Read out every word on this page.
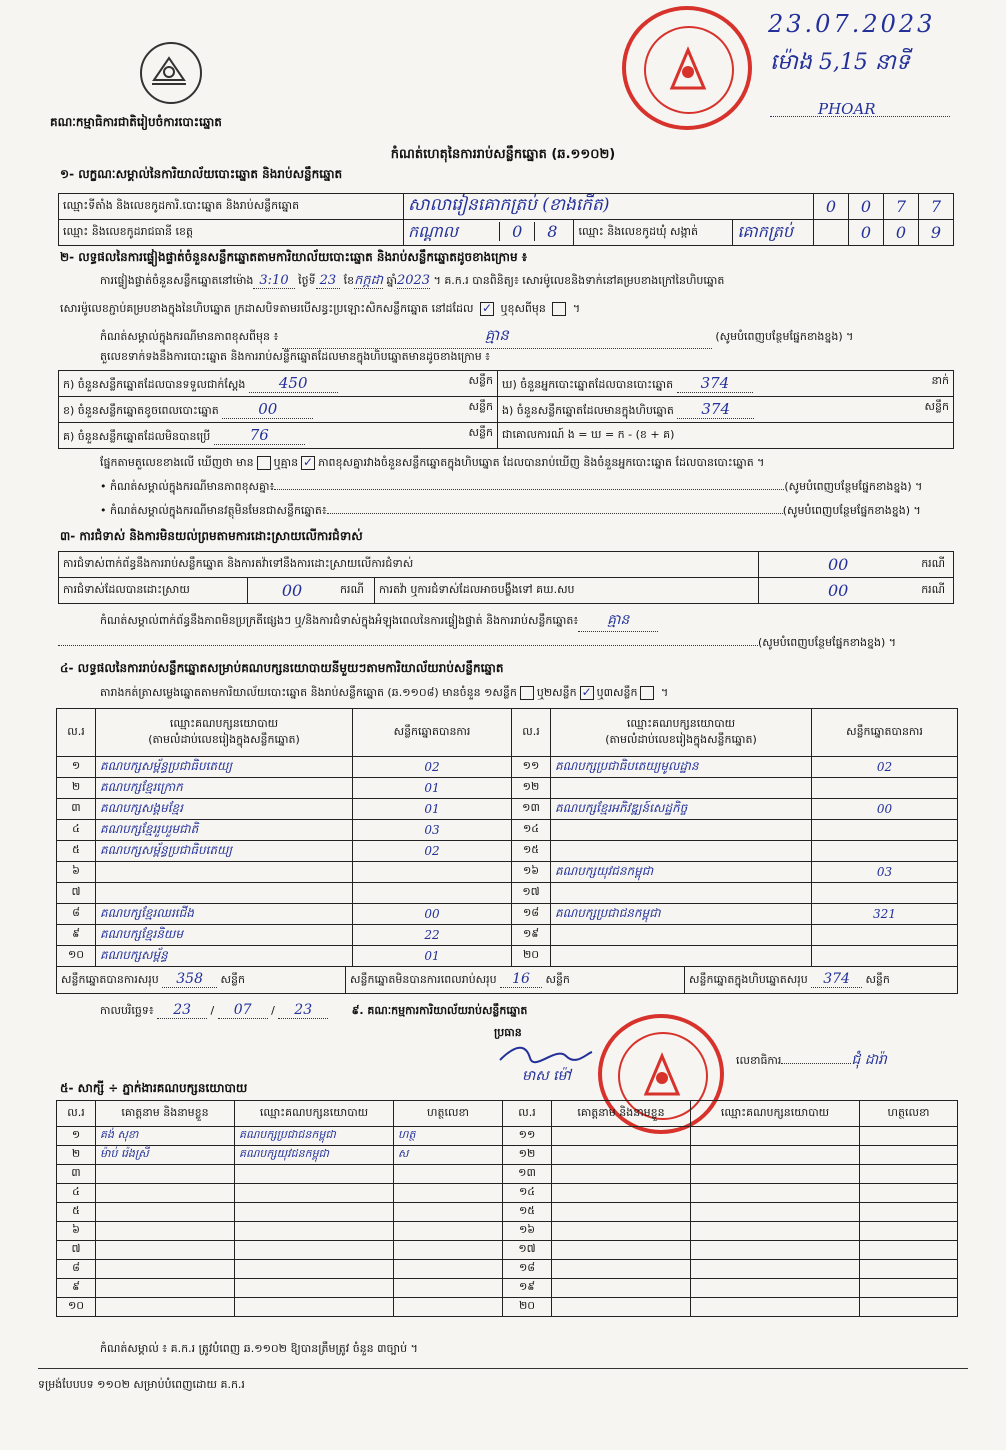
គណៈកម្មាធិការជាតិរៀបចំការបោះឆ្នោត
23.07.2023
ម៉ោង 5,15 នាទី
PHOAR
កំណត់ហេតុនៃការរាប់សន្លឹកឆ្នោត (ឆ.១១០២)
១- លក្ខណៈសម្គាល់នៃការិយាល័យបោះឆ្នោត និងរាប់សន្លឹកឆ្នោត
ឈ្មោះទីតាំង និងលេខកូដការិ.បោះឆ្នោត និងរាប់សន្លឹកឆ្នោត	សាលារៀនគោកត្រប់ (ខាងកើត)			0	0	7	7
ឈ្មោះ និងលេខកូដរាជធានី ខេត្ត	កណ្តាល 0 8	ឈ្មោះ និងលេខកូដឃុំ សង្កាត់	គោកត្រប់		0	0	9
២- លទ្ធផលនៃការផ្ទៀងផ្ទាត់ចំនួនសន្លឹកឆ្នោតតាមការិយាល័យបោះឆ្នោត និងរាប់សន្លឹកឆ្នោតដូចខាងក្រោម ៖
ការផ្ទៀងផ្ទាត់ចំនួនសន្លឹកឆ្នោតនៅម៉ោង 3:10 ថ្ងៃទី 23 ខែកក្កដា ឆ្នាំ2023 ។ គ.ក.រ បានពិនិត្យ៖ សោរម៉ូលេខនិងទាក់នៅគម្របខាងក្រៅនៃហិបឆ្នោត
សោរម៉ូលេខភ្ជាប់គម្របខាងក្នុងនៃហិបឆ្នោត ក្រដាសបិទតាមរបើសន្ធះប្រឡោះសិកសន្លឹកឆ្នោត នៅដដែល ✓ ឬខុសពីមុន  ។
កំណត់សម្គាល់ក្នុងករណីមានភាពខុសពីមុន ៖	គ្មាន	(សូមបំពេញបន្ថែមផ្នែកខាងខ្នង) ។
តួលេខទាក់ទងនឹងការបោះឆ្នោត និងការរាប់សន្លឹកឆ្នោតដែលមានក្នុងហិបឆ្នោតមានដូចខាងក្រោម ៖
ក) ចំនួនសន្លឹកឆ្នោតដែលបានទទួលជាក់ស្ដែង 450 សន្លឹក	ឃ) ចំនួនអ្នកបោះឆ្នោតដែលបានបោះឆ្នោត 374 នាក់

ខ) ចំនួនសន្លឹកឆ្នោតខូចពេលបោះឆ្នោត 00 សន្លឹក	ង) ចំនួនសន្លឹកឆ្នោតដែលមានក្នុងហិបឆ្នោត 374 សន្លឹក

គ) ចំនួនសន្លឹកឆ្នោតដែលមិនបានប្រើ 76 សន្លឹក	ជាគោលការណ៍ ង = ឃ = ក - (ខ + គ)
ផ្នែកតាមតួលេខខាងលើ ឃើញថា មាន ឬគ្មាន ✓ ភាពខុសគ្នារវាងចំនួនសន្លឹកឆ្នោតក្នុងហិបឆ្នោត ដែលបានរាប់ឃើញ និងចំនួនអ្នកបោះឆ្នោត ដែលបានបោះឆ្នោត ។
• កំណត់សម្គាល់ក្នុងករណីមានភាពខុសគ្នា៖	(សូមបំពេញបន្ថែមផ្នែកខាងខ្នង) ។
• កំណត់សម្គាល់ក្នុងករណីមានវត្ថុមិនមែនជាសន្លឹកឆ្នោត៖	(សូមបំពេញបន្ថែមផ្នែកខាងខ្នង) ។
៣- ការជំទាស់ និងការមិនយល់ព្រមតាមការដោះស្រាយលើការជំទាស់
ការជំទាស់ពាក់ព័ន្ធនឹងការរាប់សន្លឹកឆ្នោត និងការតវ៉ាទៅនឹងការដោះស្រាយលើការជំទាស់				00	ករណី
ការជំទាស់ដែលបានដោះស្រាយ	00	ករណី	ការតវ៉ា ឬការជំទាស់ដែលអាចបង្ខឹងទៅ គឃ.សប	00	ករណី
កំណត់សម្គាល់ពាក់ព័ន្ធនឹងភាពមិនប្រក្រតីផ្សេងៗ ឬ/និងការជំទាស់ក្នុងអំឡុងពេលនៃការផ្ទៀងផ្ទាត់ និងការរាប់សន្លឹកឆ្នោត៖ គ្មាន
(សូមបំពេញបន្ថែមផ្នែកខាងខ្នង) ។
៤- លទ្ធផលនៃការរាប់សន្លឹកឆ្នោតសម្រាប់គណបក្សនយោបាយនីមួយៗតាមការិយាល័យរាប់សន្លឹកឆ្នោត
តារាងកត់ត្រាសម្លេងឆ្នោតតាមការិយាល័យបោះឆ្នោត និងរាប់សន្លឹកឆ្នោត (ឆ.១១០៨) មានចំនួន ១សន្លឹក ឬ២សន្លឹក ✓ ឬ៣សន្លឹក ។
ល.រ	ឈ្មោះគណបក្សនយោបាយ
(តាមលំដាប់លេខរៀងក្នុងសន្លឹកឆ្នោត)	សន្លឹកឆ្នោតបានការ	ល.រ	ឈ្មោះគណបក្សនយោបាយ
(តាមលំដាប់លេខរៀងក្នុងសន្លឹកឆ្នោត)	សន្លឹកឆ្នោតបានការ
១	គណបក្សសម្ព័ន្ធប្រជាធិបតេយ្យ	02	១១	គណបក្សប្រជាធិបតេយ្យមូលដ្ឋាន	02
២	គណបក្សខ្មែរក្រោក	01	១២		
៣	គណបក្សសង្គមខ្មែរ	01	១៣	គណបក្សខ្មែរអភិវឌ្ឍន៍សេដ្ឋកិច្ច	00
៤	គណបក្សខ្មែររួបរួមជាតិ	03	១៤		
៥	គណបក្សសម្ព័ន្ធប្រជាធិបតេយ្យ	02	១៥		
៦			១៦	គណបក្សយុវជនកម្ពុជា	03
៧			១៧		
៨	គណបក្សខ្មែរឈរជើង	00	១៨	គណបក្សប្រជាជនកម្ពុជា	321
៩	គណបក្សខ្មែរនិយម	22	១៩		
១០	គណបក្សសម្ព័ន្ធ	01	២០		

សន្លឹកឆ្នោតបានការសរុប 358 សន្លឹក សន្លឹកឆ្នោតមិនបានការពេលរាប់សរុប 16 សន្លឹក សន្លឹកឆ្នោតក្នុងហិបឆ្នោតសរុប 374 សន្លឹក					
កាលបរិច្ឆេទ៖ 23 / 07 / 23	៩. គណៈកម្មការការិយាល័យរាប់សន្លឹកឆ្នោត
ប្រធាន
មាស ម៉ៅ
លេខាធិការ	ជុំ ដារ៉ា
៥- សាក្សី ÷ ភ្នាក់ងារគណបក្សនយោបាយ
ល.រ	គោត្តនាម និងនាមខ្លួន	ឈ្មោះគណបក្សនយោបាយ	ហត្ថលេខា	ល.រ	គោត្តនាម និងនាមខ្លួន	ឈ្មោះគណបក្សនយោបាយ	ហត្ថលេខា
១	គង់ សុខា	គណបក្សប្រជាជនកម្ពុជា	ហត្ថ	១១			
២	ម៉ាប់ រ៉េងស្រី	គណបក្សយុវជនកម្ពុជា	ស	១២			
៣				១៣			
៤				១៤			
៥				១៥			
៦				១៦			
៧				១៧			
៨				១៨			
៩				១៩			
១០				២០			
កំណត់សម្គាល់ ៖ គ.ក.រ ត្រូវបំពេញ ឆ.១១០២ ឱ្យបានត្រឹមត្រូវ ចំនួន ៣ច្បាប់ ។
ទម្រង់បែបបទ ១១០២ សម្រាប់បំពេញដោយ គ.ក.រ
